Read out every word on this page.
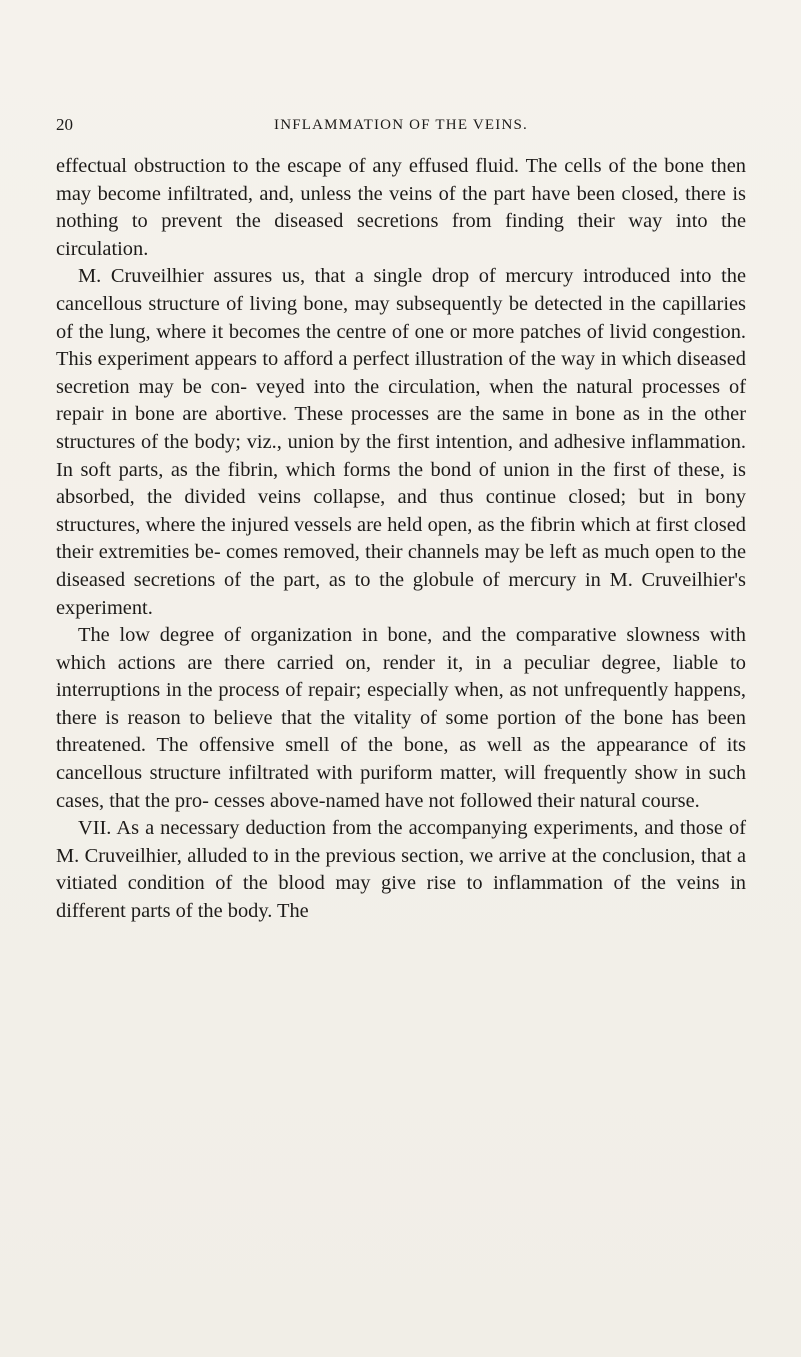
20	INFLAMMATION OF THE VEINS.

effectual obstruction to the escape of any effused fluid. The cells of the bone then may become infiltrated, and, unless the veins of the part have been closed, there is nothing to prevent the diseased secretions from finding their way into the circulation.

M. Cruveilhier assures us, that a single drop of mercury introduced into the cancellous structure of living bone, may subsequently be detected in the capillaries of the lung, where it becomes the centre of one or more patches of livid congestion. This experiment appears to afford a perfect illustration of the way in which diseased secretion may be con- veyed into the circulation, when the natural processes of repair in bone are abortive. These processes are the same in bone as in the other structures of the body; viz., union by the first intention, and adhesive inflammation. In soft parts, as the fibrin, which forms the bond of union in the first of these, is absorbed, the divided veins collapse, and thus continue closed; but in bony structures, where the injured vessels are held open, as the fibrin which at first closed their extremities be- comes removed, their channels may be left as much open to the diseased secretions of the part, as to the globule of mercury in M. Cruveilhier's experiment.

The low degree of organization in bone, and the comparative slowness with which actions are there carried on, render it, in a peculiar degree, liable to interruptions in the process of repair; especially when, as not unfrequently happens, there is reason to believe that the vitality of some portion of the bone has been threatened. The offensive smell of the bone, as well as the appearance of its cancellous structure infiltrated with puriform matter, will frequently show in such cases, that the pro- cesses above-named have not followed their natural course.

VII. As a necessary deduction from the accompanying experiments, and those of M. Cruveilhier, alluded to in the previous section, we arrive at the conclusion, that a vitiated condition of the blood may give rise to inflammation of the veins in different parts of the body. The
